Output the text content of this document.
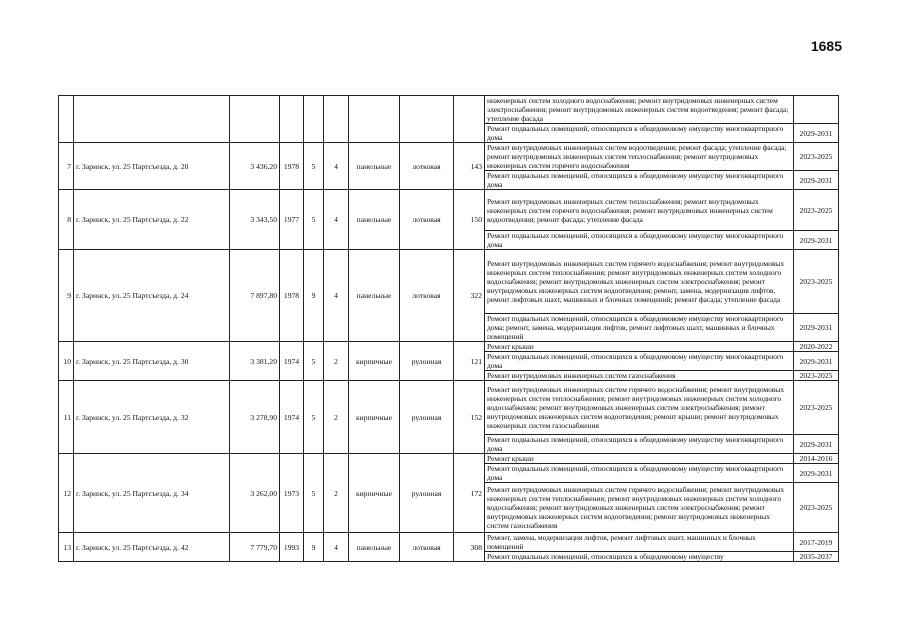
1685
									инженерных систем холодного водоснабжения; ремонт внутридомовых инженерных систем электроснабжения; ремонт внутридомовых инженерных систем водоотведения; ремонт фасада; утепление фасада	
									Ремонт подвальных помещений, относящихся к общедомовому имуществу многоквартирного дома	2029-2031
7	г. Заринск, ул. 25 Партсъезда, д. 20	3 436,20	1978	5	4	панельные	лотковая	143	Ремонт внутридомовых инженерных систем водоотведения; ремонт фасада; утепление фасада; ремонт внутридомовых инженерных систем теплоснабжения; ремонт внутридомовых инженерных систем горячего водоснабжения	2023-2025
									Ремонт подвальных помещений, относящихся к общедомовому имуществу многоквартирного дома	2029-2031
8	г. Заринск, ул. 25 Партсъезда, д. 22	3 343,50	1977	5	4	панельные	лотковая	150	Ремонт внутридомовых инженерных систем теплоснабжения; ремонт внутридомовых инженерных систем горячего водоснабжения; ремонт внутридомовых инженерных систем водоотведения; ремонт фасада; утепление фасада	2023-2025
									Ремонт подвальных помещений, относящихся к общедомовому имуществу многоквартирного дома	2029-2031
9	г. Заринск, ул. 25 Партсъезда, д. 24	7 897,80	1978	9	4	панельные	лотковая	322	Ремонт внутридомовых инженерных систем горячего водоснабжения; ремонт внутридомовых инженерных систем теплоснабжения; ремонт внутридомовых инженерных систем холодного водоснабжения; ремонт внутридомовых инженерных систем электроснабжения; ремонт внутридомовых инженерных систем водоотведения; ремонт, замена, модернизация лифтов, ремонт лифтовых шахт, машинных и блочных помещений; ремонт фасада; утепление фасада	2023-2025
									Ремонт подвальных помещений, относящихся к общедомовому имуществу многоквартирного дома; ремонт, замена, модернизация лифтов, ремонт лифтовых шахт, машинных и блочных помещений	2029-2031
10	г. Заринск, ул. 25 Партсъезда, д. 30	3 381,20	1974	5	2	кирпичные	рулонная	121	Ремонт крыши	2020-2022
									Ремонт подвальных помещений, относящихся к общедомовому имуществу многоквартирного дома	2029-2031
									Ремонт внутридомовых инженерных систем газоснабжения	2023-2025
11	г. Заринск, ул. 25 Партсъезда, д. 32	3 278,90	1974	5	2	кирпичные	рулонная	152	Ремонт внутридомовых инженерных систем горячего водоснабжения; ремонт внутридомовых инженерных систем теплоснабжения; ремонт внутридомовых инженерных систем холодного водоснабжения; ремонт внутридомовых инженерных систем электроснабжения; ремонт внутридомовых инженерных систем водоотведения; ремонт крыши; ремонт внутридомовых инженерных систем газоснабжения	2023-2025
									Ремонт подвальных помещений, относящихся к общедомовому имуществу многоквартирного дома	2029-2031
12	г. Заринск, ул. 25 Партсъезда, д. 34	3 262,00	1973	5	2	кирпичные	рулонная	172	Ремонт крыши	2014-2016
									Ремонт подвальных помещений, относящихся к общедомовому имуществу многоквартирного дома	2029-2031
									Ремонт внутридомовых инженерных систем горячего водоснабжения; ремонт внутридомовых инженерных систем теплоснабжения; ремонт внутридомовых инженерных систем холодного водоснабжения; ремонт внутридомовых инженерных систем электроснабжения; ремонт внутридомовых инженерных систем водоотведения; ремонт внутридомовых инженерных систем газоснабжения	2023-2025
13	г. Заринск, ул. 25 Партсъезда, д. 42	7 779,70	1993	9	4	панельные	лотковая	308	Ремонт, замена, модернизация лифтов, ремонт лифтовых шахт, машинных и блочных помещений	2017-2019
									Ремонт подвальных помещений, относящихся к общедомовому имуществу	2035-2037
